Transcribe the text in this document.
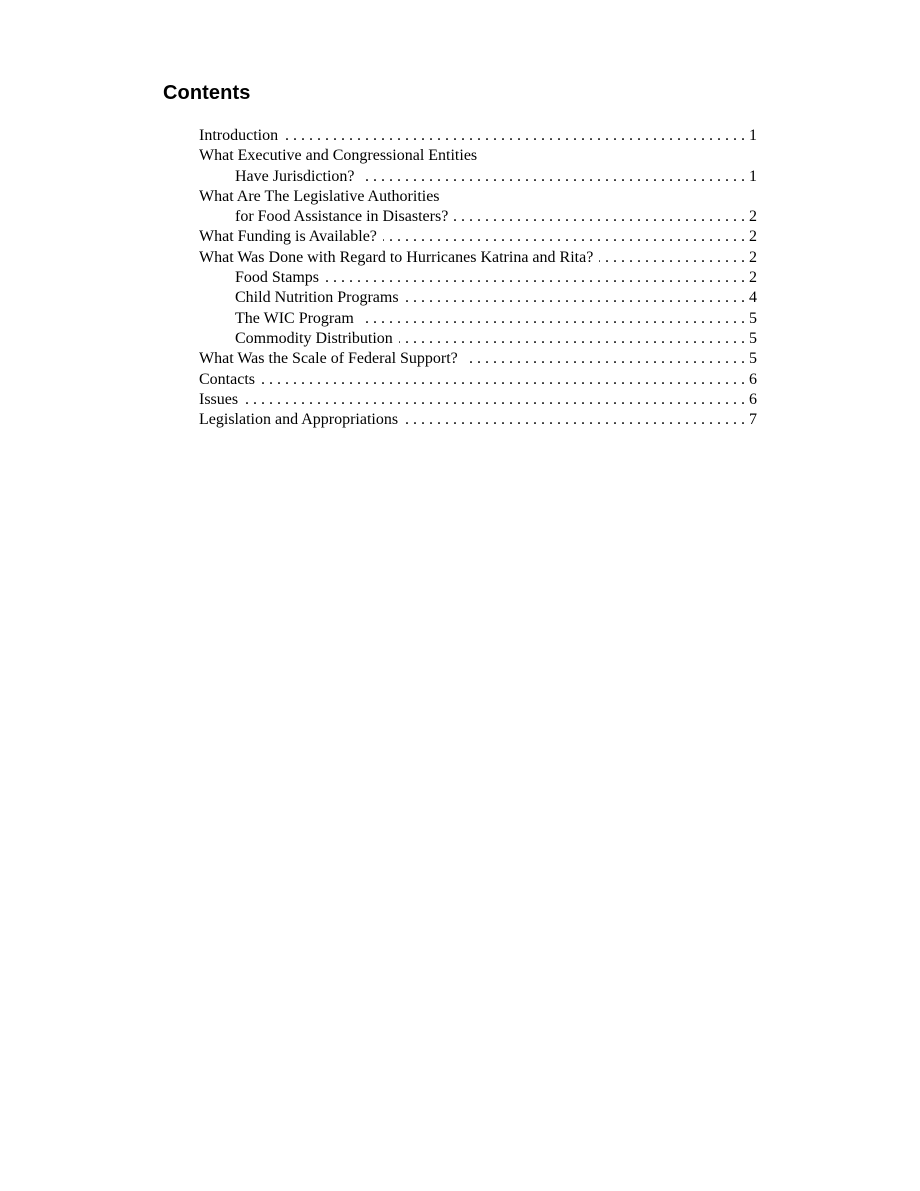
Contents
Introduction . . .	1
What Executive and Congressional Entities
Have Jurisdiction? . . .	1
What Are The Legislative Authorities
for Food Assistance in Disasters? . . .	2
What Funding is Available? . . .	2
What Was Done with Regard to Hurricanes Katrina and Rita? . . .	2
Food Stamps . . .	2
Child Nutrition Programs . . .	4
The WIC Program . . .	5
Commodity Distribution . . .	5
What Was the Scale of Federal Support? . . .	5
Contacts . . .	6
Issues . . .	6
Legislation and Appropriations . . .	7
